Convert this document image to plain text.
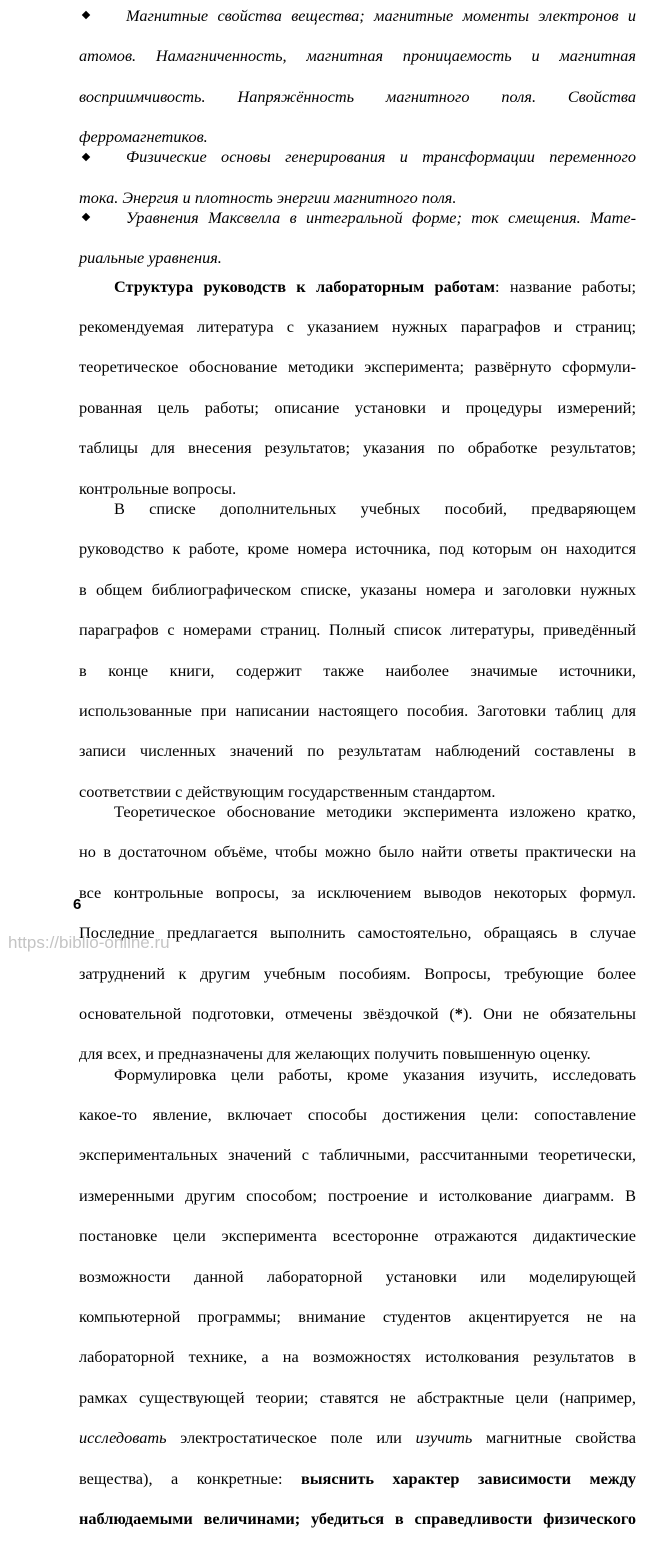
Магнитные свойства вещества; магнитные моменты электронов и
атомов. Намагниченность, магнитная проницаемость и магнитная
восприимчивость. Напряжённость магнитного поля. Свойства
ферромагнетиков.
Физические основы генерирования и трансформации переменного
тока. Энергия и плотность энергии магнитного поля.
Уравнения Максвелла в интегральной форме; ток смещения. Мате-
риальные уравнения.
Структура руководств к лабораторным работам: название работы;
рекомендуемая литература с указанием нужных параграфов и страниц;
теоретическое обоснование методики эксперимента; развёрнуто сформули-
рованная цель работы; описание установки и процедуры измерений;
таблицы для внесения результатов; указания по обработке результатов;
контрольные вопросы.
В списке дополнительных учебных пособий, предваряющем
руководство к работе, кроме номера источника, под которым он находится
в общем библиографическом списке, указаны номера и заголовки нужных
параграфов с номерами страниц. Полный список литературы, приведённый
в конце книги, содержит также наиболее значимые источники,
использованные при написании настоящего пособия. Заготовки таблиц для
записи численных значений по результатам наблюдений составлены в
соответствии с действующим государственным стандартом.
Теоретическое обоснование методики эксперимента изложено кратко,
но в достаточном объёме, чтобы можно было найти ответы практически на
все контрольные вопросы, за исключением выводов некоторых формул.
Последние предлагается выполнить самостоятельно, обращаясь в случае
затруднений к другим учебным пособиям. Вопросы, требующие более
основательной подготовки, отмечены звёздочкой (*). Они не обязательны
для всех, и предназначены для желающих получить повышенную оценку.
Формулировка цели работы, кроме указания изучить, исследовать
какое-то явление, включает способы достижения цели: сопоставление
экспериментальных значений с табличными, рассчитанными теоретически,
измеренными другим способом; построение и истолкование диаграмм. В
постановке цели эксперимента всесторонне отражаются дидактические
возможности данной лабораторной установки или моделирующей
компьютерной программы; внимание студентов акцентируется не на
лабораторной технике, а на возможностях истолкования результатов в
рамках существующей теории; ставятся не абстрактные цели (например,
исследовать электростатическое поле или изучить магнитные свойства
вещества), а конкретные: выяснить характер зависимости между
наблюдаемыми величинами; убедиться в справедливости физического
6
https://biblio-online.ru
